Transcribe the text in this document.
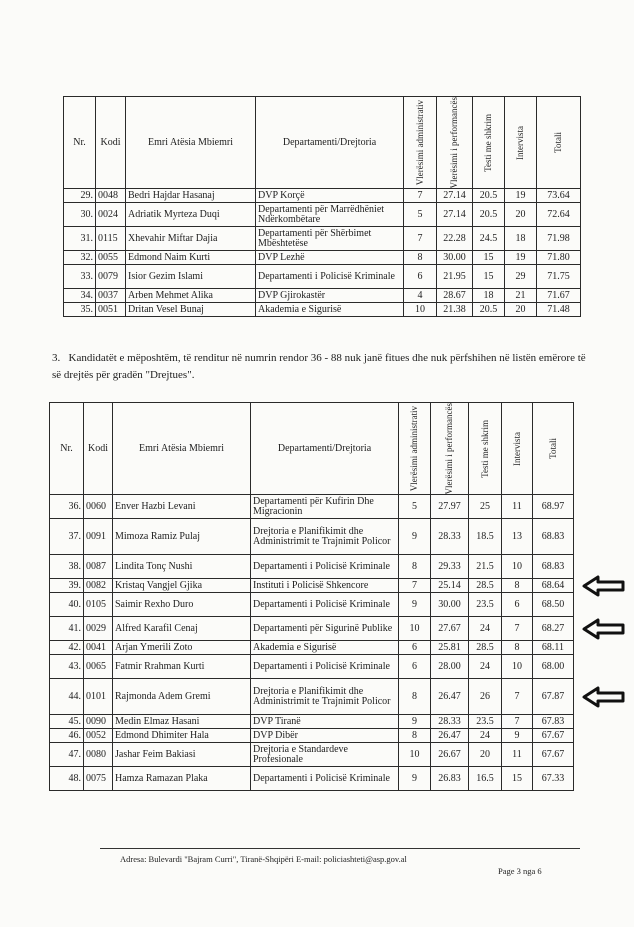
Nr.	Kodi	Emri Atësia Mbiemri	Departamenti/Drejtoria	Vlerësimi administrativ	Vlerësimi i performancës	Testi me shkrim	Intervista	Totali

29.	0048	Bedri Hajdar Hasanaj	DVP Korçë	7	27.14	20.5	19	73.64
30.	0024	Adriatik Myrteza Duqi	Departamenti për Marrëdhëniet Ndërkombëtare	5	27.14	20.5	20	72.64
31.	0115	Xhevahir Miftar Dajia	Departamenti për Shërbimet Mbështetëse	7	22.28	24.5	18	71.98
32.	0055	Edmond Naim Kurti	DVP Lezhë	8	30.00	15	19	71.80
33.	0079	Isior Gezim Islami	Departamenti i Policisë Kriminale	6	21.95	15	29	71.75
34.	0037	Arben Mehmet Alika	DVP Gjirokastër	4	28.67	18	21	71.67
35.	0051	Dritan Vesel Bunaj	Akademia e Sigurisë	10	21.38	20.5	20	71.48
3. Kandidatët e mëposhtëm, të renditur në numrin rendor 36 - 88 nuk janë fitues dhe nuk përfshihen në listën emërore të së drejtës për gradën "Drejtues".
Nr.	Kodi	Emri Atësia Mbiemri	Departamenti/Drejtoria	Vlerësimi administrativ	Vlerësimi i performancës	Testi me shkrim	Intervista	Totali

36.	0060	Enver Hazbi Levani	Departamenti për Kufirin Dhe Migracionin	5	27.97	25	11	68.97
37.	0091	Mimoza Ramiz Pulaj	Drejtoria e Planifikimit dhe Administrimit te Trajnimit Policor	9	28.33	18.5	13	68.83
38.	0087	Lindita Tonç Nushi	Departamenti i Policisë Kriminale	8	29.33	21.5	10	68.83
39.	0082	Kristaq Vangjel Gjika	Instituti i Policisë Shkencore	7	25.14	28.5	8	68.64
40.	0105	Saimir Rexho Duro	Departamenti i Policisë Kriminale	9	30.00	23.5	6	68.50
41.	0029	Alfred Karafil Cenaj	Departamenti për Sigurinë Publike	10	27.67	24	7	68.27
42.	0041	Arjan Ymerili Zoto	Akademia e Sigurisë	6	25.81	28.5	8	68.11
43.	0065	Fatmir Rrahman Kurti	Departamenti i Policisë Kriminale	6	28.00	24	10	68.00
44.	0101	Rajmonda Adem Gremi	Drejtoria e Planifikimit dhe Administrimit te Trajnimit Policor	8	26.47	26	7	67.87
45.	0090	Medin Elmaz Hasani	DVP Tiranë	9	28.33	23.5	7	67.83
46.	0052	Edmond Dhimiter Hala	DVP Dibër	8	26.47	24	9	67.67
47.	0080	Jashar Feim Bakiasi	Drejtoria e Standardeve Profesionale	10	26.67	20	11	67.67
48.	0075	Hamza Ramazan Plaka	Departamenti i Policisë Kriminale	9	26.83	16.5	15	67.33
Adresa: Bulevardi "Bajram Curri", Tiranë-Shqipëri E-mail: policiashteti@asp.gov.al
Page 3 nga 6
